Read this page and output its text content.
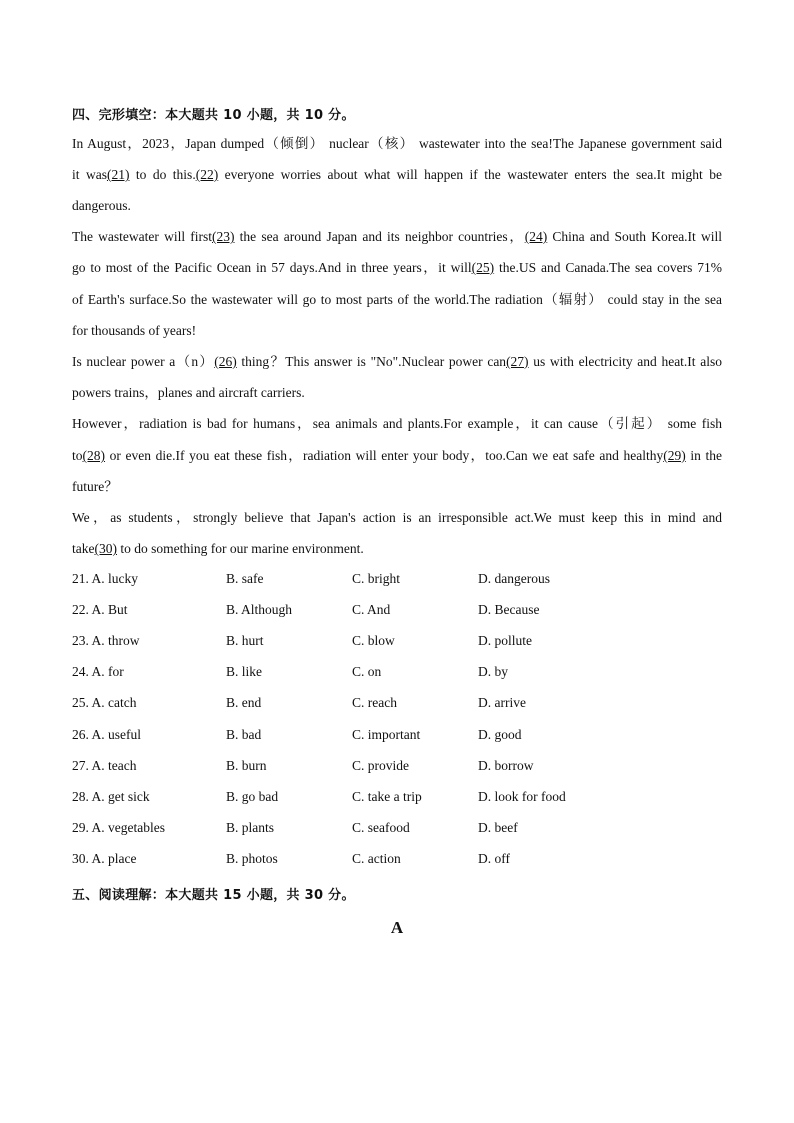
四、完形填空：本大题共 10 小题，共 10 分。
In August，2023，Japan dumped（倾倒） nuclear（核） wastewater into the sea!The Japanese government said
it was(21) to do this.(22) everyone worries about what will happen if the wastewater enters the sea.It might be
dangerous.
The wastewater will first(23) the sea around Japan and its neighbor countries，(24) China and South Korea.It will
go to most of the Pacific Ocean in 57 days.And in three years，it will(25) the.US and Canada.The sea covers 71%
of Earth's surface.So the wastewater will go to most parts of the world.The radiation（辐射） could stay in the sea
for thousands of years!
Is nuclear power a（n）(26) thing？This answer is "No".Nuclear power can(27) us with electricity and heat.It also
powers trains，planes and aircraft carriers.
However，radiation is bad for humans，sea animals and plants.For example，it can cause（引起） some fish
to(28) or even die.If you eat these fish，radiation will enter your body，too.Can we eat safe and healthy(29) in the
future？
We，as students，strongly believe that Japan's action is an irresponsible act.We must keep this in mind and
take(30) to do something for our marine environment.
21. A. lucky	B. safe	C. bright	D. dangerous
22. A. But	B. Although	C. And	D. Because
23. A. throw	B. hurt	C. blow	D. pollute
24. A. for	B. like	C. on	D. by
25. A. catch	B. end	C. reach	D. arrive
26. A. useful	B. bad	C. important	D. good
27. A. teach	B. burn	C. provide	D. borrow
28. A. get sick	B. go bad	C. take a trip	D. look for food
29. A. vegetables	B. plants	C. seafood	D. beef
30. A. place	B. photos	C. action	D. off
五、阅读理解：本大题共 15 小题，共 30 分。
A
